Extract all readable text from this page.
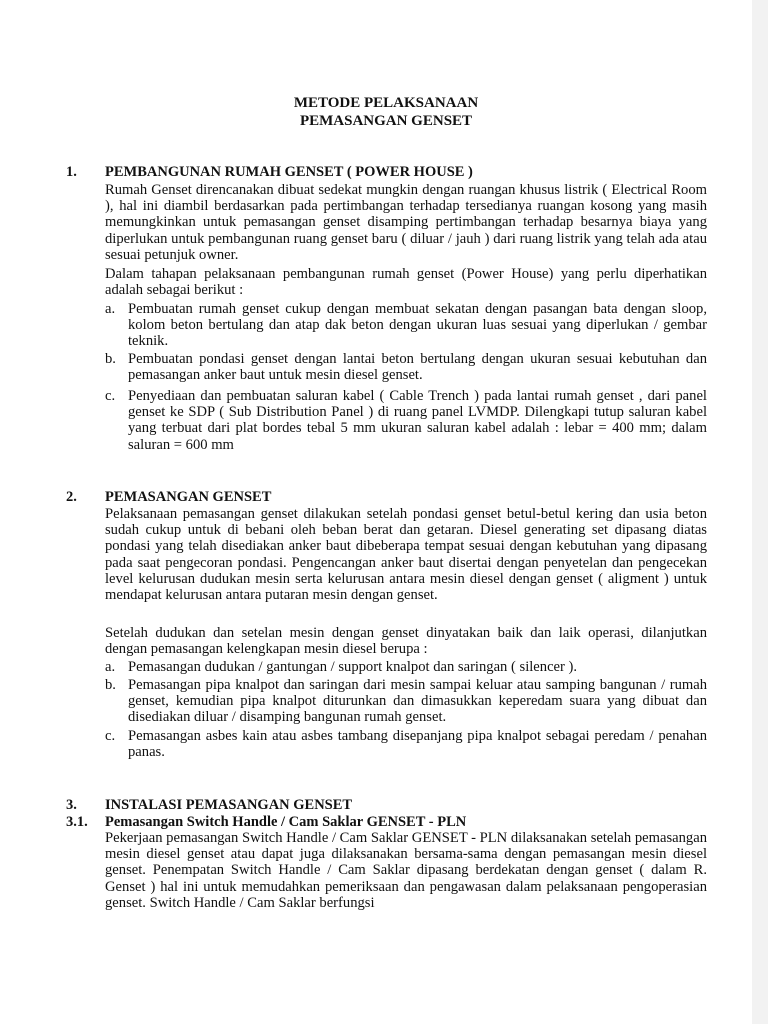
METODE PELAKSANAAN
PEMASANGAN GENSET
1. PEMBANGUNAN RUMAH GENSET ( POWER HOUSE )
Rumah Genset direncanakan dibuat sedekat mungkin dengan ruangan khusus listrik ( Electrical Room ), hal ini diambil berdasarkan pada pertimbangan terhadap tersedianya ruangan kosong yang masih memungkinkan untuk pemasangan genset disamping pertimbangan terhadap besarnya biaya yang diperlukan untuk pembangunan ruang genset baru ( diluar / jauh ) dari ruang listrik yang telah ada atau sesuai petunjuk owner.
Dalam tahapan pelaksanaan pembangunan rumah genset (Power House) yang perlu diperhatikan adalah sebagai berikut :
a. Pembuatan rumah genset cukup dengan membuat sekatan dengan pasangan bata dengan sloop, kolom beton bertulang dan atap dak beton dengan ukuran luas sesuai yang diperlukan / gembar teknik.
b. Pembuatan pondasi genset dengan lantai beton bertulang dengan ukuran sesuai kebutuhan dan pemasangan anker baut untuk mesin diesel genset.
c. Penyediaan dan pembuatan saluran kabel ( Cable Trench ) pada lantai rumah genset , dari panel genset ke SDP ( Sub Distribution Panel ) di ruang panel LVMDP. Dilengkapi tutup saluran kabel yang terbuat dari plat bordes tebal 5 mm ukuran saluran kabel adalah : lebar = 400 mm; dalam saluran = 600 mm
2. PEMASANGAN GENSET
Pelaksanaan pemasangan genset dilakukan setelah pondasi genset betul-betul kering dan usia beton sudah cukup untuk di bebani oleh beban berat dan getaran. Diesel generating set dipasang diatas pondasi yang telah disediakan anker baut dibeberapa tempat sesuai dengan kebutuhan yang dipasang pada saat pengecoran pondasi. Pengencangan anker baut disertai dengan penyetelan dan pengecekan level kelurusan dudukan mesin serta kelurusan antara mesin diesel dengan genset ( aligment ) untuk mendapat kelurusan antara putaran mesin dengan genset.
Setelah dudukan dan setelan mesin dengan genset dinyatakan baik dan laik operasi, dilanjutkan dengan pemasangan kelengkapan mesin diesel berupa :
a. Pemasangan dudukan / gantungan / support knalpot dan saringan ( silencer ).
b. Pemasangan pipa knalpot dan saringan dari mesin sampai keluar atau samping bangunan / rumah genset, kemudian pipa knalpot diturunkan dan dimasukkan keperedam suara yang dibuat dan disediakan diluar / disamping bangunan rumah genset.
c. Pemasangan asbes kain atau asbes tambang disepanjang pipa knalpot sebagai peredam / penahan panas.
3. INSTALASI PEMASANGAN GENSET
3.1. Pemasangan Switch Handle / Cam Saklar GENSET - PLN
Pekerjaan pemasangan Switch Handle / Cam Saklar GENSET - PLN dilaksanakan setelah pemasangan mesin diesel genset atau dapat juga dilaksanakan bersama-sama dengan pemasangan mesin diesel genset. Penempatan Switch Handle / Cam Saklar dipasang berdekatan dengan genset ( dalam R. Genset ) hal ini untuk memudahkan pemeriksaan dan pengawasan dalam pelaksanaan pengoperasian genset. Switch Handle / Cam Saklar berfungsi
